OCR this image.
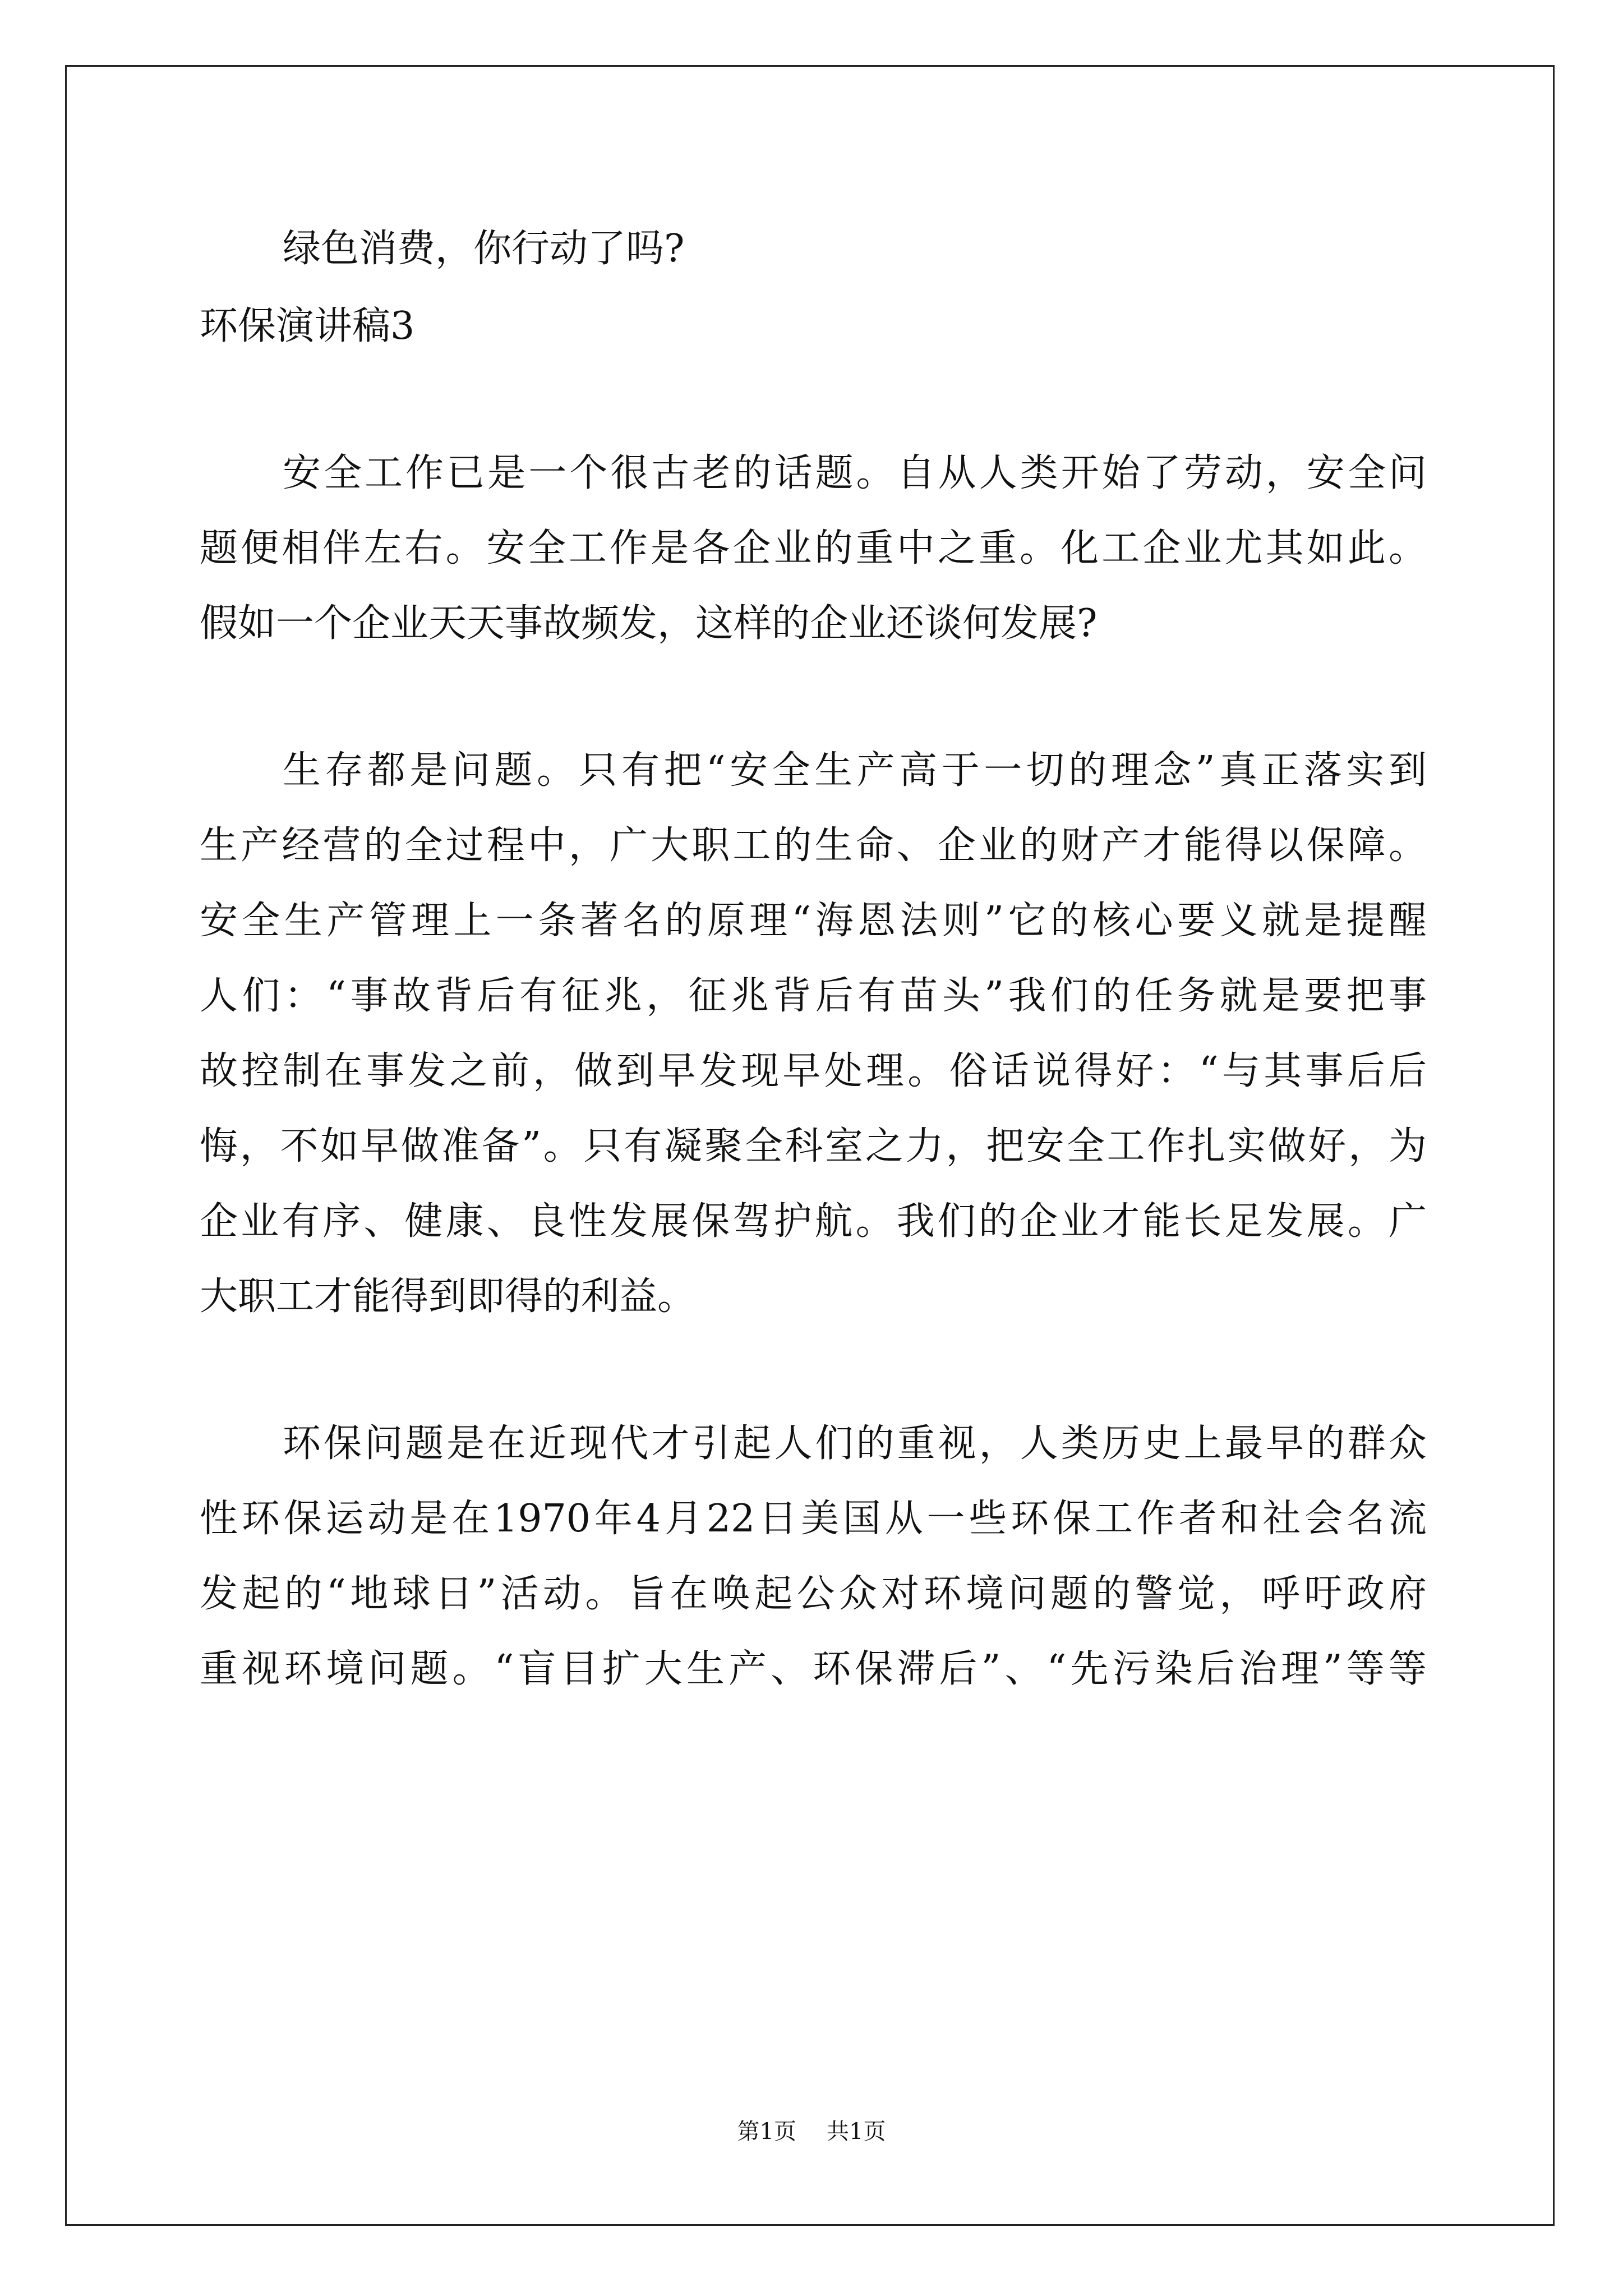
绿色消费，你行动了吗?
环保演讲稿3
安全工作已是一个很古老的话题。自从人类开始了劳动，安全问
题便相伴左右。安全工作是各企业的重中之重。化工企业尤其如此。
假如一个企业天天事故频发，这样的企业还谈何发展?
生存都是问题。只有把“安全生产高于一切的理念”真正落实到
生产经营的全过程中，广大职工的生命、企业的财产才能得以保障。
安全生产管理上一条著名的原理“海恩法则”它的核心要义就是提醒
人们：“事故背后有征兆，征兆背后有苗头”我们的任务就是要把事
故控制在事发之前，做到早发现早处理。俗话说得好：“与其事后后
悔，不如早做准备”。只有凝聚全科室之力，把安全工作扎实做好，为
企业有序、健康、良性发展保驾护航。我们的企业才能长足发展。广
大职工才能得到即得的利益。
环保问题是在近现代才引起人们的重视，人类历史上最早的群众
性环保运动是在1970年4月22日美国从一些环保工作者和社会名流
发起的“地球日”活动。旨在唤起公众对环境问题的警觉，呼吁政府
重视环境问题。“盲目扩大生产、环保滞后”、“先污染后治理”等等
第1页 共1页
